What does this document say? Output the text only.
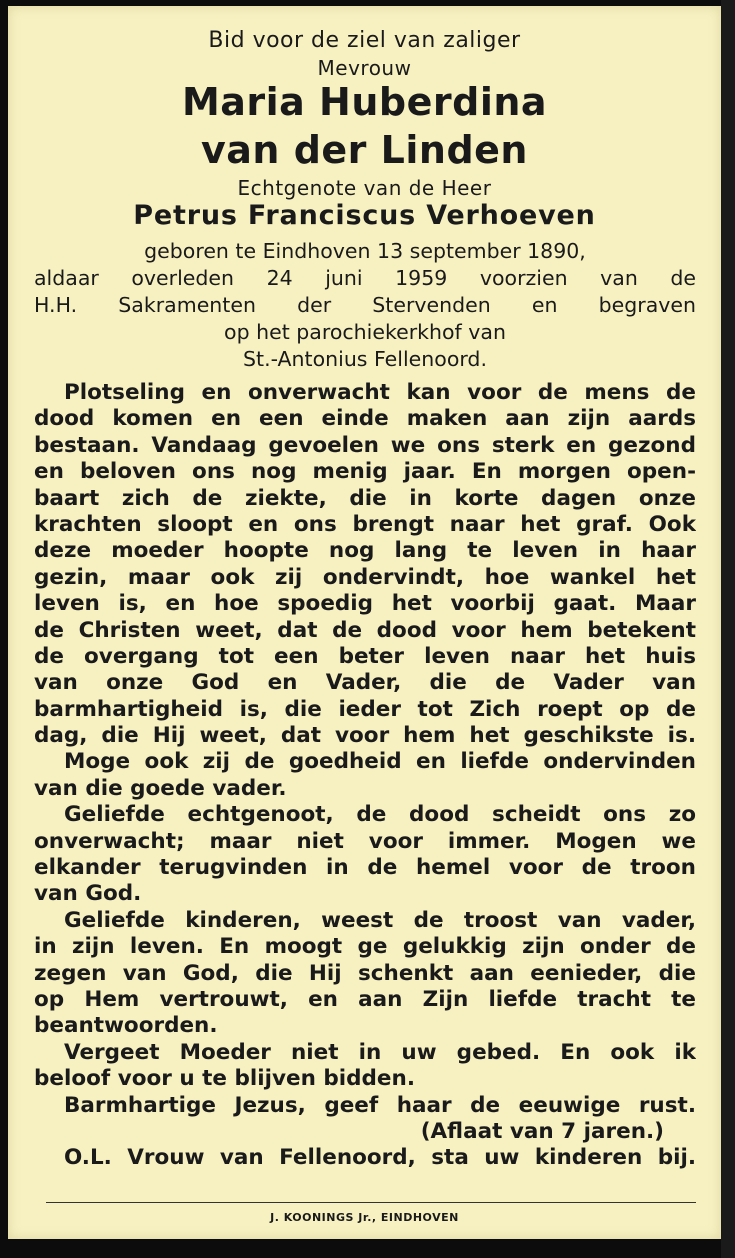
Bid voor de ziel van zaliger
Mevrouw
Maria Huberdina
van der Linden
Echtgenote van de Heer
Petrus Franciscus Verhoeven
geboren te Eindhoven 13 september 1890,
aldaar overleden 24 juni 1959 voorzien van de
H.H. Sakramenten der Stervenden en begraven
op het parochiekerkhof van
St.-Antonius Fellenoord.
Plotseling en onverwacht kan voor de mens de
dood komen en een einde maken aan zijn aards
bestaan. Vandaag gevoelen we ons sterk en gezond
en beloven ons nog menig jaar. En morgen open-
baart zich de ziekte, die in korte dagen onze
krachten sloopt en ons brengt naar het graf. Ook
deze moeder hoopte nog lang te leven in haar
gezin, maar ook zij ondervindt, hoe wankel het
leven is, en hoe spoedig het voorbij gaat. Maar
de Christen weet, dat de dood voor hem betekent
de overgang tot een beter leven naar het huis
van onze God en Vader, die de Vader van
barmhartigheid is, die ieder tot Zich roept op de
dag, die Hij weet, dat voor hem het geschikste is.
Moge ook zij de goedheid en liefde ondervinden
van die goede vader.
Geliefde echtgenoot, de dood scheidt ons zo
onverwacht; maar niet voor immer. Mogen we
elkander terugvinden in de hemel voor de troon
van God.
Geliefde kinderen, weest de troost van vader,
in zijn leven. En moogt ge gelukkig zijn onder de
zegen van God, die Hij schenkt aan eenieder, die
op Hem vertrouwt, en aan Zijn liefde tracht te
beantwoorden.
Vergeet Moeder niet in uw gebed. En ook ik
beloof voor u te blijven bidden.
Barmhartige Jezus, geef haar de eeuwige rust.
(Aflaat van 7 jaren.)
O.L. Vrouw van Fellenoord, sta uw kinderen bij.
J. KOONINGS Jr., EINDHOVEN
